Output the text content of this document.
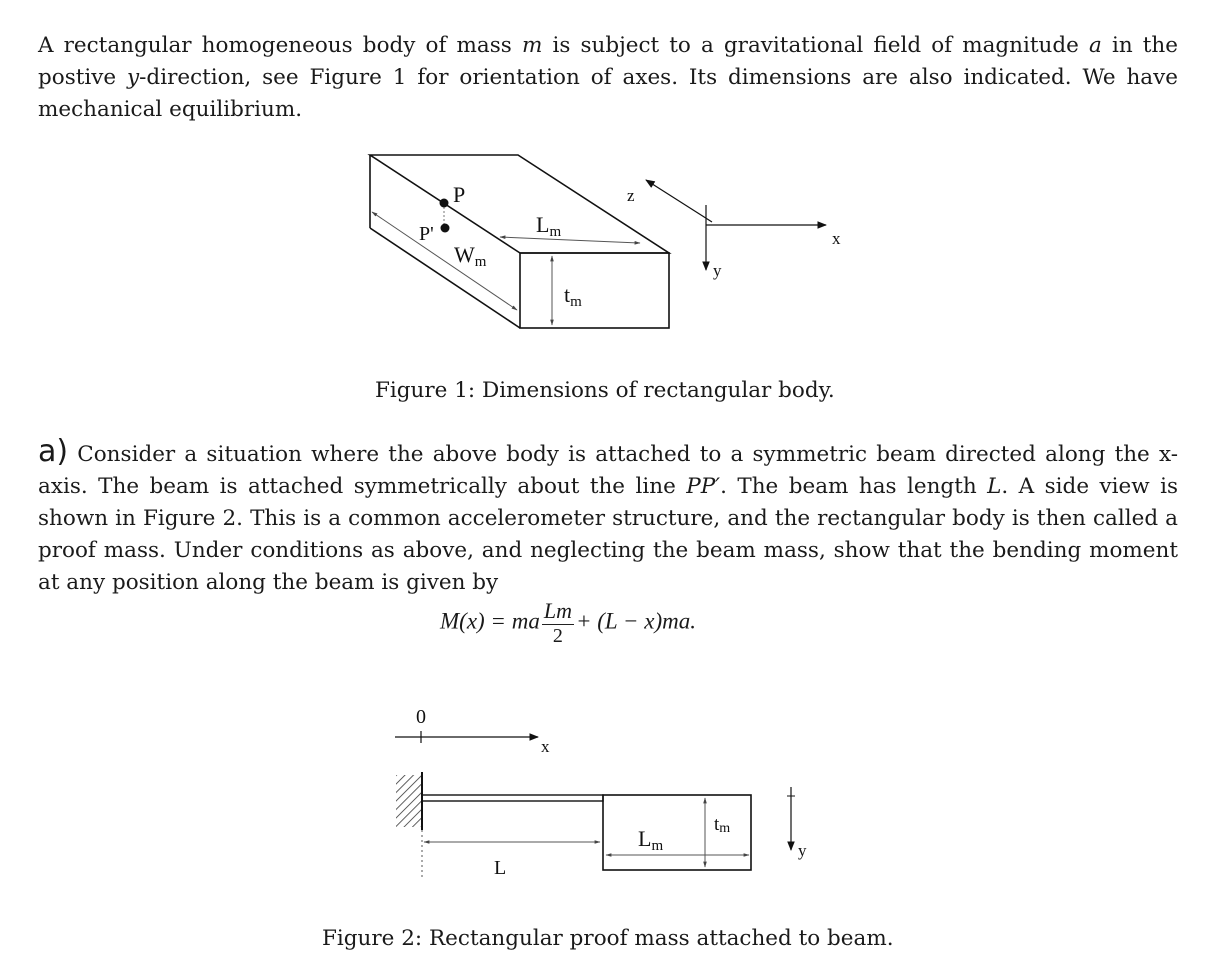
A rectangular homogeneous body of mass m is subject to a gravitational field of magnitude a in the postive y-direction, see Figure 1 for orientation of axes. Its dimensions are also indicated. We have mechanical equilibrium.

P
P'
Wm
Lm
tm
z
x
y
0
x
y
L
Lm
tm

Figure 1: Dimensions of rectangular body.

a) Consider a situation where the above body is attached to a symmetric beam directed along the x-axis. The beam is attached symmetrically about the line PP′. The beam has length L. A side view is shown in Figure 2. This is a common accelerometer structure, and the rectangular body is then called a proof mass. Under conditions as above, and neglecting the beam mass, show that the bending moment at any position along the beam is given by

M(x) = ma $\frac{Lm}{2} + (L - x)ma$.

Figure 2: Rectangular proof mass attached to beam.
